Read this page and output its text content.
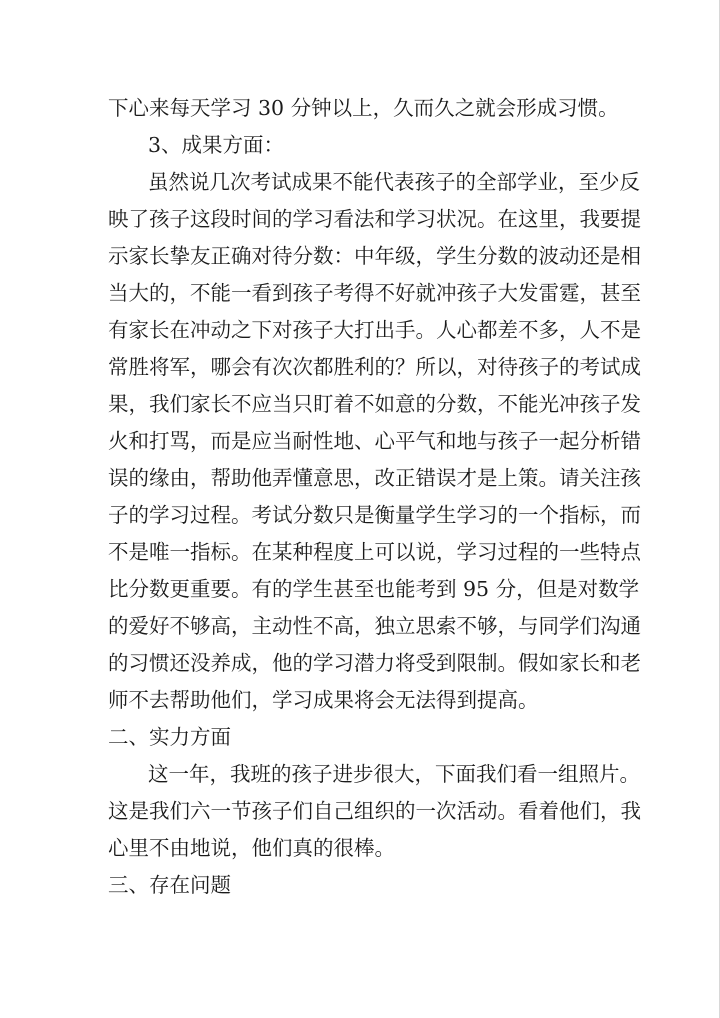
下心来每天学习 30 分钟以上，久而久之就会形成习惯。
3、成果方面：
虽然说几次考试成果不能代表孩子的全部学业，至少反
映了孩子这段时间的学习看法和学习状况。在这里，我要提
示家长挚友正确对待分数：中年级，学生分数的波动还是相
当大的，不能一看到孩子考得不好就冲孩子大发雷霆，甚至
有家长在冲动之下对孩子大打出手。人心都差不多，人不是
常胜将军，哪会有次次都胜利的？所以，对待孩子的考试成
果，我们家长不应当只盯着不如意的分数，不能光冲孩子发
火和打骂，而是应当耐性地、心平气和地与孩子一起分析错
误的缘由，帮助他弄懂意思，改正错误才是上策。请关注孩
子的学习过程。考试分数只是衡量学生学习的一个指标，而
不是唯一指标。在某种程度上可以说，学习过程的一些特点
比分数更重要。有的学生甚至也能考到 95 分，但是对数学
的爱好不够高，主动性不高，独立思索不够，与同学们沟通
的习惯还没养成，他的学习潜力将受到限制。假如家长和老
师不去帮助他们，学习成果将会无法得到提高。
二、实力方面
这一年，我班的孩子进步很大，下面我们看一组照片。
这是我们六一节孩子们自己组织的一次活动。看着他们，我
心里不由地说，他们真的很棒。
三、存在问题
